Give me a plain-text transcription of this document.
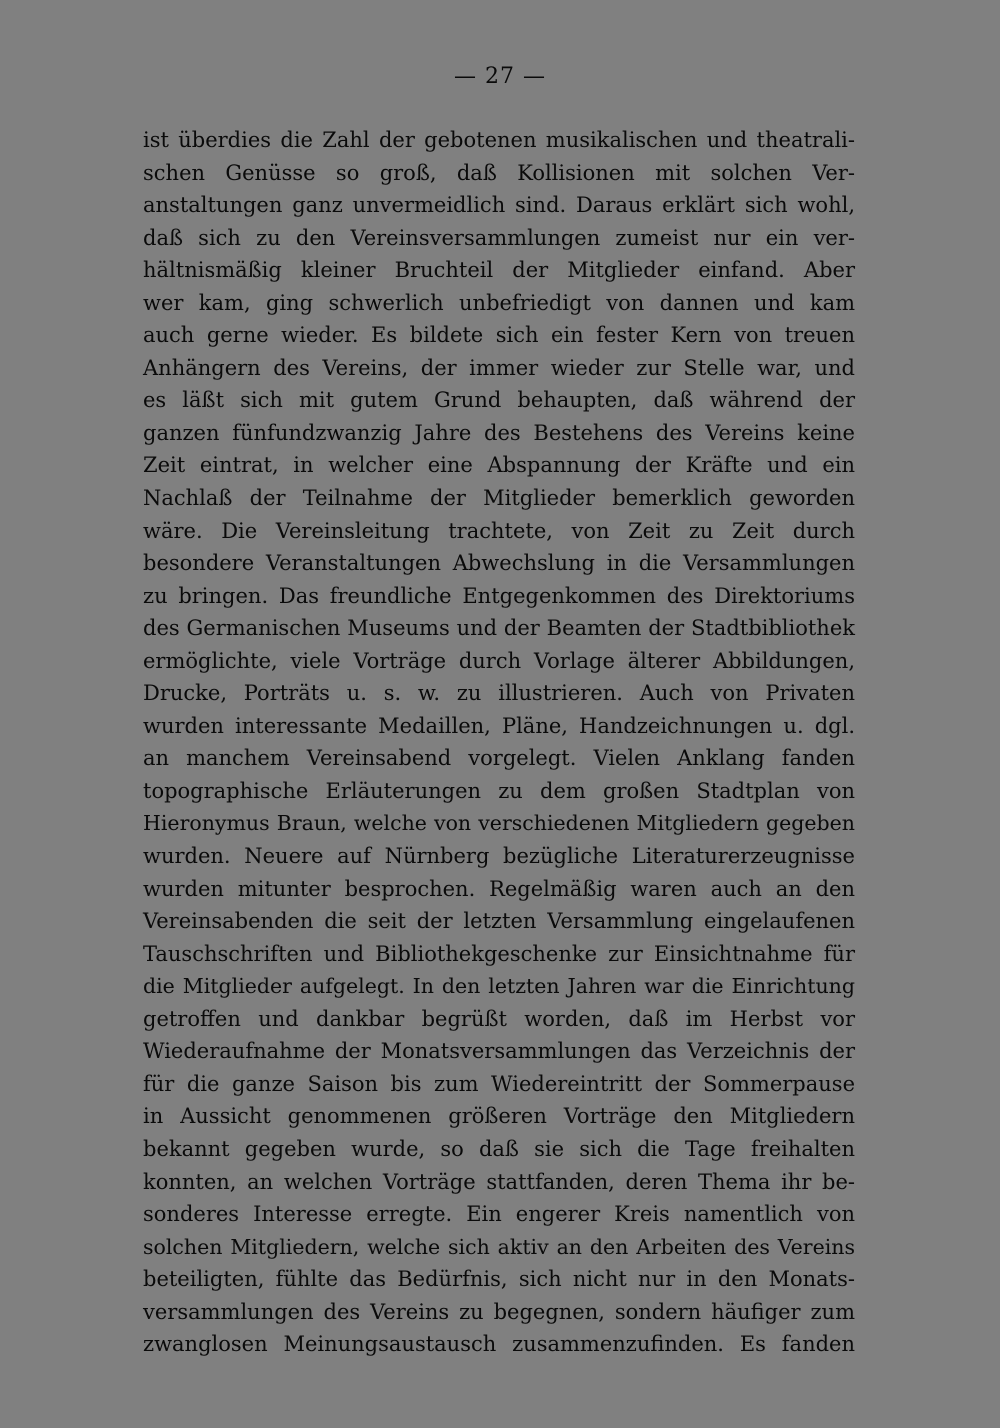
— 27 —
ist überdies die Zahl der gebotenen musikalischen und theatrali-
schen Genüsse so groß, daß Kollisionen mit solchen Ver-
anstaltungen ganz unvermeidlich sind. Daraus erklärt sich wohl,
daß sich zu den Vereinsversammlungen zumeist nur ein ver-
hältnismäßig kleiner Bruchteil der Mitglieder einfand. Aber
wer kam, ging schwerlich unbefriedigt von dannen und kam
auch gerne wieder. Es bildete sich ein fester Kern von treuen
Anhängern des Vereins, der immer wieder zur Stelle war, und
es läßt sich mit gutem Grund behaupten, daß während der
ganzen fünfundzwanzig Jahre des Bestehens des Vereins keine
Zeit eintrat, in welcher eine Abspannung der Kräfte und ein
Nachlaß der Teilnahme der Mitglieder bemerklich geworden
wäre. Die Vereinsleitung trachtete, von Zeit zu Zeit durch
besondere Veranstaltungen Abwechslung in die Versammlungen
zu bringen. Das freundliche Entgegenkommen des Direktoriums
des Germanischen Museums und der Beamten der Stadtbibliothek
ermöglichte, viele Vorträge durch Vorlage älterer Abbildungen,
Drucke, Porträts u. s. w. zu illustrieren. Auch von Privaten
wurden interessante Medaillen, Pläne, Handzeichnungen u. dgl.
an manchem Vereinsabend vorgelegt. Vielen Anklang fanden
topographische Erläuterungen zu dem großen Stadtplan von
Hieronymus Braun, welche von verschiedenen Mitgliedern gegeben
wurden. Neuere auf Nürnberg bezügliche Literaturerzeugnisse
wurden mitunter besprochen. Regelmäßig waren auch an den
Vereinsabenden die seit der letzten Versammlung eingelaufenen
Tauschschriften und Bibliothekgeschenke zur Einsichtnahme für
die Mitglieder aufgelegt. In den letzten Jahren war die Einrichtung
getroffen und dankbar begrüßt worden, daß im Herbst vor
Wiederaufnahme der Monatsversammlungen das Verzeichnis der
für die ganze Saison bis zum Wiedereintritt der Sommerpause
in Aussicht genommenen größeren Vorträge den Mitgliedern
bekannt gegeben wurde, so daß sie sich die Tage freihalten
konnten, an welchen Vorträge stattfanden, deren Thema ihr be-
sonderes Interesse erregte. Ein engerer Kreis namentlich von
solchen Mitgliedern, welche sich aktiv an den Arbeiten des Vereins
beteiligten, fühlte das Bedürfnis, sich nicht nur in den Monats-
versammlungen des Vereins zu begegnen, sondern häufiger zum
zwanglosen Meinungsaustausch zusammenzufinden. Es fanden
